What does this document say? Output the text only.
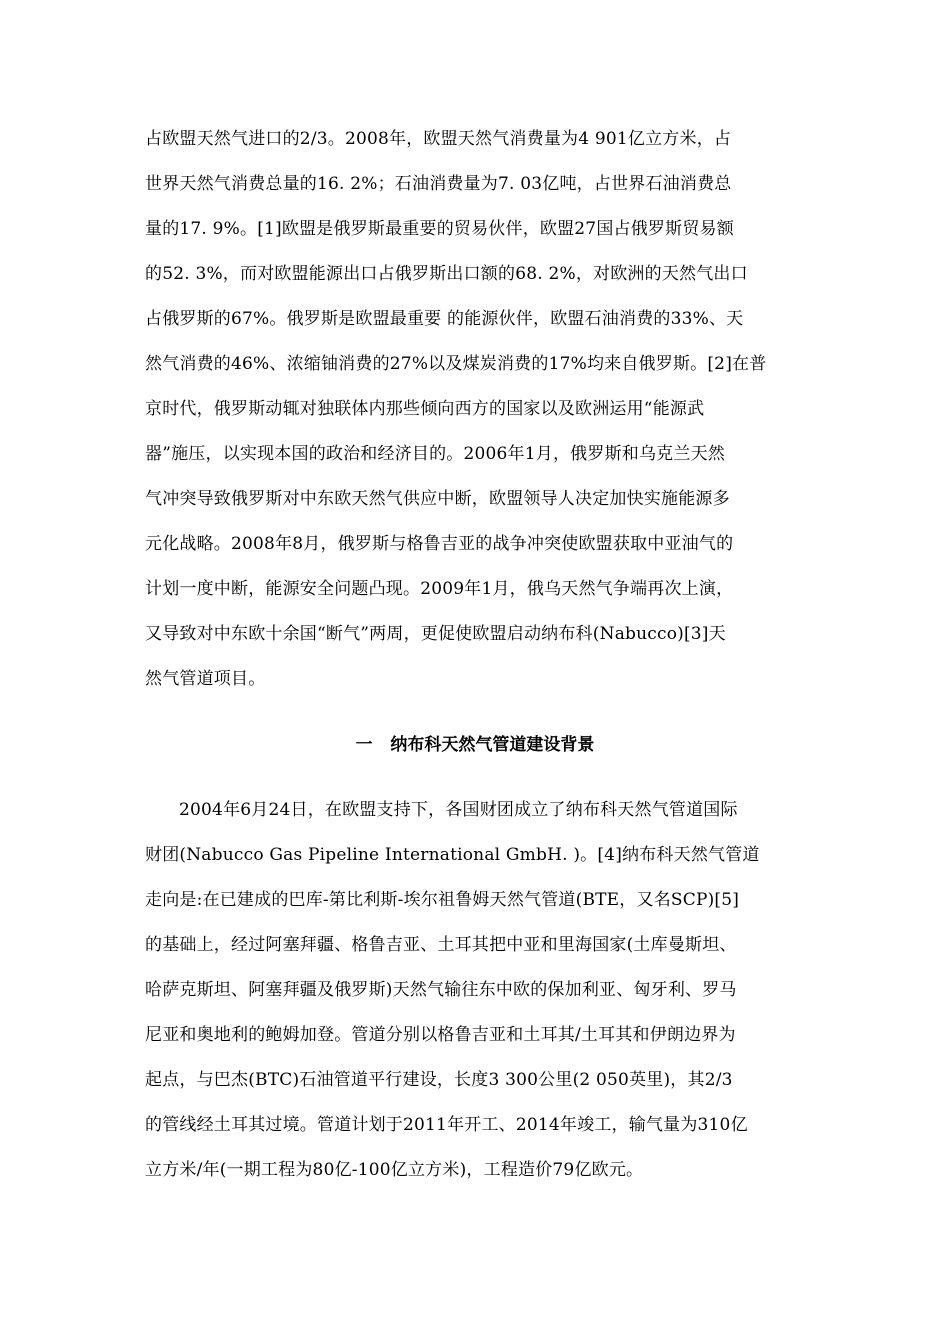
占欧盟天然气进口的2/3。2008年，欧盟天然气消费量为4 901亿立方米，占
世界天然气消费总量的16. 2%；石油消费量为7. 03亿吨，占世界石油消费总
量的17. 9%。[1]欧盟是俄罗斯最重要的贸易伙伴，欧盟27国占俄罗斯贸易额
的52. 3%，而对欧盟能源出口占俄罗斯出口额的68. 2%，对欧洲的天然气出口
占俄罗斯的67%。俄罗斯是欧盟最重要 的能源伙伴，欧盟石油消费的33%、天
然气消费的46%、浓缩铀消费的27%以及煤炭消费的17%均来自俄罗斯。[2]在普
京时代，俄罗斯动辄对独联体内那些倾向西方的国家以及欧洲运用“能源武
器”施压，以实现本国的政治和经济目的。2006年1月，俄罗斯和乌克兰天然
气冲突导致俄罗斯对中东欧天然气供应中断，欧盟领导人决定加快实施能源多
元化战略。2008年8月，俄罗斯与格鲁吉亚的战争冲突使欧盟获取中亚油气的
计划一度中断，能源安全问题凸现。2009年1月，俄乌天然气争端再次上演，
又导致对中东欧十余国“断气”两周，更促使欧盟启动纳布科(Nabucco)[3]天
然气管道项目。
一   纳布科天然气管道建设背景
2004年6月24日，在欧盟支持下，各国财团成立了纳布科天然气管道国际
财团(Nabucco Gas Pipeline International GmbH. )。[4]纳布科天然气管道
走向是:在已建成的巴库-第比利斯-埃尔祖鲁姆天然气管道(BTE，又名SCP)[5]
的基础上，经过阿塞拜疆、格鲁吉亚、土耳其把中亚和里海国家(土库曼斯坦、
哈萨克斯坦、阿塞拜疆及俄罗斯)天然气输往东中欧的保加利亚、匈牙利、罗马
尼亚和奥地利的鲍姆加登。管道分别以格鲁吉亚和土耳其/土耳其和伊朗边界为
起点，与巴杰(BTC)石油管道平行建设，长度3 300公里(2 050英里)，其2/3
的管线经土耳其过境。管道计划于2011年开工、2014年竣工，输气量为310亿
立方米/年(一期工程为80亿-100亿立方米)，工程造价79亿欧元。
